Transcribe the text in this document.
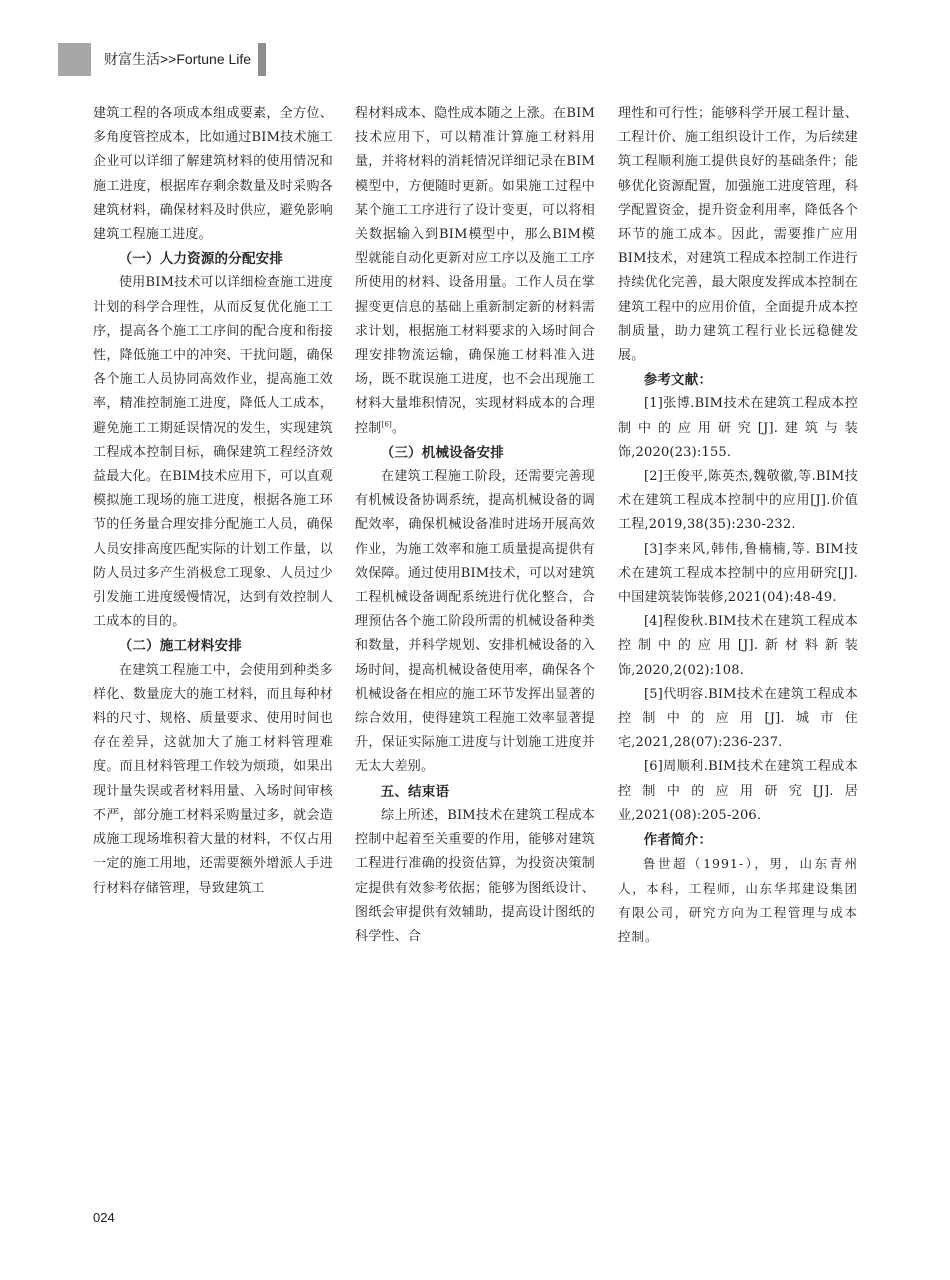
财富生活>>Fortune Life

建筑工程的各项成本组成要素，全方位、多角度管控成本，比如通过BIM技术施工企业可以详细了解建筑材料的使用情况和施工进度，根据库存剩余数量及时采购各建筑材料，确保材料及时供应，避免影响建筑工程施工进度。

（一）人力资源的分配安排

使用BIM技术可以详细检查施工进度计划的科学合理性，从而反复优化施工工序，提高各个施工工序间的配合度和衔接性，降低施工中的冲突、干扰问题，确保各个施工人员协同高效作业，提高施工效率，精准控制施工进度，降低人工成本，避免施工工期延误情况的发生，实现建筑工程成本控制目标，确保建筑工程经济效益最大化。在BIM技术应用下，可以直观模拟施工现场的施工进度，根据各施工环节的任务量合理安排分配施工人员，确保人员安排高度匹配实际的计划工作量，以防人员过多产生消极怠工现象、人员过少引发施工进度缓慢情况，达到有效控制人工成本的目的。

（二）施工材料安排

在建筑工程施工中，会使用到种类多样化、数量庞大的施工材料，而且每种材料的尺寸、规格、质量要求、使用时间也存在差异，这就加大了施工材料管理难度。而且材料管理工作较为烦琐，如果出现计量失误或者材料用量、入场时间审核不严，部分施工材料采购量过多，就会造成施工现场堆积着大量的材料，不仅占用一定的施工用地，还需要额外增派人手进行材料存储管理，导致建筑工

程材料成本、隐性成本随之上涨。在BIM技术应用下，可以精准计算施工材料用量，并将材料的消耗情况详细记录在BIM模型中，方便随时更新。如果施工过程中某个施工工序进行了设计变更，可以将相关数据输入到BIM模型中，那么BIM模型就能自动化更新对应工序以及施工工序所使用的材料、设备用量。工作人员在掌握变更信息的基础上重新制定新的材料需求计划，根据施工材料要求的入场时间合理安排物流运输，确保施工材料准入进场，既不耽误施工进度，也不会出现施工材料大量堆积情况，实现材料成本的合理控制[6]。

（三）机械设备安排

在建筑工程施工阶段，还需要完善现有机械设备协调系统，提高机械设备的调配效率，确保机械设备准时进场开展高效作业，为施工效率和施工质量提高提供有效保障。通过使用BIM技术，可以对建筑工程机械设备调配系统进行优化整合，合理预估各个施工阶段所需的机械设备种类和数量，并科学规划、安排机械设备的入场时间，提高机械设备使用率，确保各个机械设备在相应的施工环节发挥出显著的综合效用，使得建筑工程施工效率显著提升，保证实际施工进度与计划施工进度并无太大差别。

五、结束语

综上所述，BIM技术在建筑工程成本控制中起着至关重要的作用，能够对建筑工程进行准确的投资估算，为投资决策制定提供有效参考依据；能够为图纸设计、图纸会审提供有效辅助，提高设计图纸的科学性、合

理性和可行性；能够科学开展工程计量、工程计价、施工组织设计工作，为后续建筑工程顺利施工提供良好的基础条件；能够优化资源配置，加强施工进度管理，科学配置资金，提升资金利用率，降低各个环节的施工成本。因此，需要推广应用BIM技术，对建筑工程成本控制工作进行持续优化完善，最大限度发挥成本控制在建筑工程中的应用价值，全面提升成本控制质量，助力建筑工程行业长远稳健发展。

参考文献：

[1]张博.BIM技术在建筑工程成本控制中的应用研究[J].建筑与装饰,2020(23):155.

[2]王俊平,陈英杰,魏敬徽,等.BIM技术在建筑工程成本控制中的应用[J].价值工程,2019,38(35):230-232.

[3]李来风,韩伟,鲁楠楠,等. BIM技术在建筑工程成本控制中的应用研究[J].中国建筑装饰装修,2021(04):48-49.

[4]程俊秋.BIM技术在建筑工程成本控制中的应用[J].新材料新装饰,2020,2(02):108.

[5]代明容.BIM技术在建筑工程成本控制中的应用[J].城市住宅,2021,28(07):236-237.

[6]周顺利.BIM技术在建筑工程成本控制中的应用研究[J].居业,2021(08):205-206.

作者简介：

鲁世超（1991-），男，山东青州人，本科，工程师，山东华邦建设集团有限公司，研究方向为工程管理与成本控制。

024
